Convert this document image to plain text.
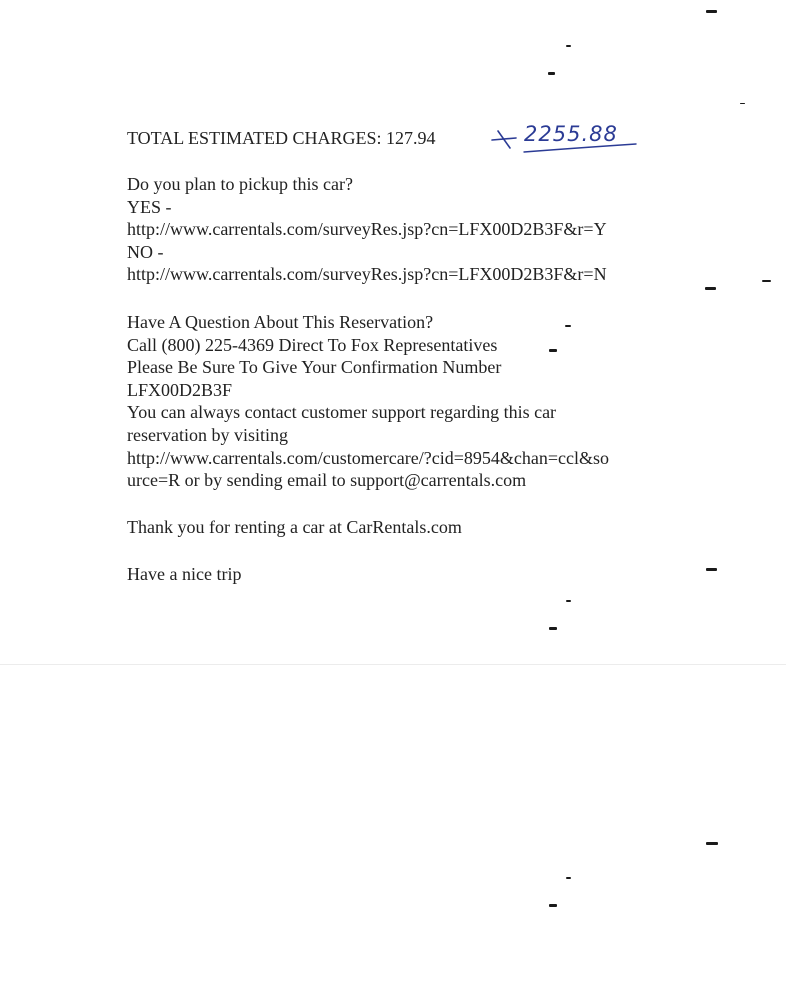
TOTAL ESTIMATED CHARGES: 127.94	2255.88
Do you plan to pickup this car?
YES -
http://www.carrentals.com/surveyRes.jsp?cn=LFX00D2B3F&r=Y
NO -
http://www.carrentals.com/surveyRes.jsp?cn=LFX00D2B3F&r=N
Have A Question About This Reservation?
Call (800) 225-4369 Direct To Fox Representatives
Please Be Sure To Give Your Confirmation Number
LFX00D2B3F
You can always contact customer support regarding this car
reservation by visiting
http://www.carrentals.com/customercare/?cid=8954&chan=ccl&so
urce=R or by sending email to support@carrentals.com
Thank you for renting a car at CarRentals.com
Have a nice trip
